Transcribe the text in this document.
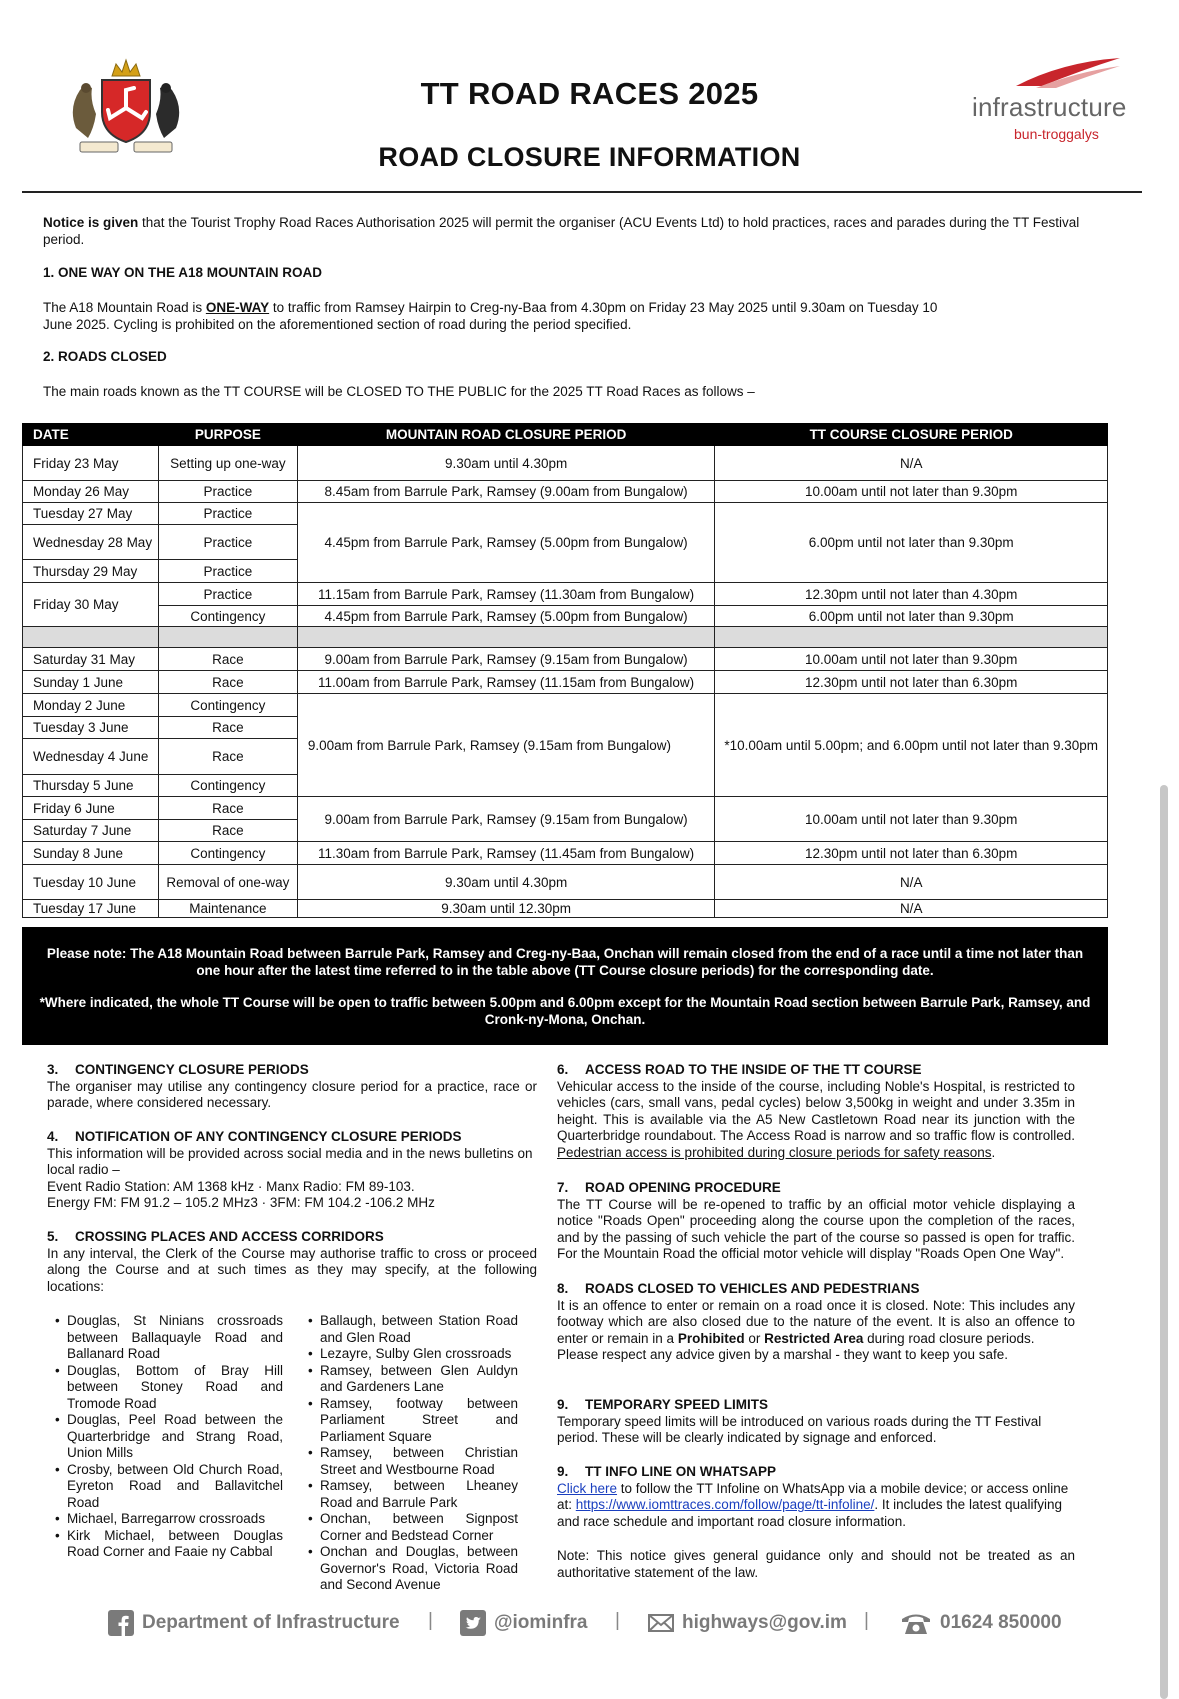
TT ROAD RACES 2025
ROAD CLOSURE INFORMATION
infrastructure
bun-troggalys
Notice is given that the Tourist Trophy Road Races Authorisation 2025 will permit the organiser (ACU Events Ltd) to hold practices, races and parades during the TT Festival period.
1. ONE WAY ON THE A18 MOUNTAIN ROAD
The A18 Mountain Road is ONE-WAY to traffic from Ramsey Hairpin to Creg-ny-Baa from 4.30pm on Friday 23 May 2025 until 9.30am on Tuesday 10 June 2025. Cycling is prohibited on the aforementioned section of road during the period specified.
2. ROADS CLOSED
The main roads known as the TT COURSE will be CLOSED TO THE PUBLIC for the 2025 TT Road Races as follows –
DATE	PURPOSE	MOUNTAIN ROAD CLOSURE PERIOD	TT COURSE CLOSURE PERIOD
Friday 23 May	Setting up one-way	9.30am until 4.30pm	N/A
Monday 26 May	Practice	8.45am from Barrule Park, Ramsey (9.00am from Bungalow)	10.00am until not later than 9.30pm
Tuesday 27 May	Practice	4.45pm from Barrule Park, Ramsey (5.00pm from Bungalow)	6.00pm until not later than 9.30pm
Wednesday 28 May	Practice		
Thursday 29 May	Practice		
Friday 30 May	Practice	11.15am from Barrule Park, Ramsey (11.30am from Bungalow)	12.30pm until not later than 4.30pm
	Contingency	4.45pm from Barrule Park, Ramsey (5.00pm from Bungalow)	6.00pm until not later than 9.30pm

Saturday 31 May	Race	9.00am from Barrule Park, Ramsey (9.15am from Bungalow)	10.00am until not later than 9.30pm
Sunday 1 June	Race	11.00am from Barrule Park, Ramsey (11.15am from Bungalow)	12.30pm until not later than 6.30pm
Monday 2 June	Contingency	9.00am from Barrule Park, Ramsey (9.15am from Bungalow)	*10.00am until 5.00pm; and 6.00pm until not later than 9.30pm
Tuesday 3 June	Race		
Wednesday 4 June	Race		
Thursday 5 June	Contingency		
Friday 6 June	Race	9.00am from Barrule Park, Ramsey (9.15am from Bungalow)	10.00am until not later than 9.30pm
Saturday 7 June	Race		
Sunday 8 June	Contingency	11.30am from Barrule Park, Ramsey (11.45am from Bungalow)	12.30pm until not later than 6.30pm
Tuesday 10 June	Removal of one-way	9.30am until 4.30pm	N/A
Tuesday 17 June	Maintenance	9.30am until 12.30pm	N/A

Please note: The A18 Mountain Road between Barrule Park, Ramsey and Creg-ny-Baa, Onchan will remain closed from the end of a race until a time not later than one hour after the latest time referred to in the table above (TT Course closure periods) for the corresponding date.

*Where indicated, the whole TT Course will be open to traffic between 5.00pm and 6.00pm except for the Mountain Road section between Barrule Park, Ramsey, and Cronk-ny-Mona, Onchan.

3. CONTINGENCY CLOSURE PERIODS
The organiser may utilise any contingency closure period for a practice, race or parade, where considered necessary.
4. NOTIFICATION OF ANY CONTINGENCY CLOSURE PERIODS
This information will be provided across social media and in the news bulletins on local radio –
Event Radio Station: AM 1368 kHz · Manx Radio: FM 89-103.
Energy FM: FM 91.2 – 105.2 MHz3 · 3FM: FM 104.2 -106.2 MHz
5. CROSSING PLACES AND ACCESS CORRIDORS
In any interval, the Clerk of the Course may authorise traffic to cross or proceed along the Course and at such times as they may specify, at the following locations:
• Douglas, St Ninians crossroads between Ballaquayle Road and Ballanard Road
• Douglas, Bottom of Bray Hill between Stoney Road and Tromode Road
• Douglas, Peel Road between the Quarterbridge and Strang Road, Union Mills
• Crosby, between Old Church Road, Eyreton Road and Ballavitchel Road
• Michael, Barregarrow crossroads
• Kirk Michael, between Douglas Road Corner and Faaie ny Cabbal
• Ballaugh, between Station Road and Glen Road
• Lezayre, Sulby Glen crossroads
• Ramsey, between Glen Auldyn and Gardeners Lane
• Ramsey, footway between Parliament Street and Parliament Square
• Ramsey, between Christian Street and Westbourne Road
• Ramsey, between Lheaney Road and Barrule Park
• Onchan, between Signpost Corner and Bedstead Corner
• Onchan and Douglas, between Governor's Road, Victoria Road and Second Avenue
6. ACCESS ROAD TO THE INSIDE OF THE TT COURSE
Vehicular access to the inside of the course, including Noble's Hospital, is restricted to vehicles (cars, small vans, pedal cycles) below 3,500kg in weight and under 3.35m in height. This is available via the A5 New Castletown Road near its junction with the Quarterbridge roundabout. The Access Road is narrow and so traffic flow is controlled. Pedestrian access is prohibited during closure periods for safety reasons.
7. ROAD OPENING PROCEDURE
The TT Course will be re-opened to traffic by an official motor vehicle displaying a notice "Roads Open" proceeding along the course upon the completion of the races, and by the passing of such vehicle the part of the course so passed is open for traffic. For the Mountain Road the official motor vehicle will display "Roads Open One Way".
8. ROADS CLOSED TO VEHICLES AND PEDESTRIANS
It is an offence to enter or remain on a road once it is closed. Note: This includes any footway which are also closed due to the nature of the event. It is also an offence to enter or remain in a Prohibited or Restricted Area during road closure periods.
Please respect any advice given by a marshal - they want to keep you safe.
9. TEMPORARY SPEED LIMITS
Temporary speed limits will be introduced on various roads during the TT Festival period. These will be clearly indicated by signage and enforced.
9. TT INFO LINE ON WHATSAPP
Click here to follow the TT Infoline on WhatsApp via a mobile device; or access online at: https://www.iomttraces.com/follow/page/tt-infoline/. It includes the latest qualifying and race schedule and important road closure information.
Note: This notice gives general guidance only and should not be treated as an authoritative statement of the law.
Department of Infrastructure |	@iominfra |	highways@gov.im |	01624 850000
